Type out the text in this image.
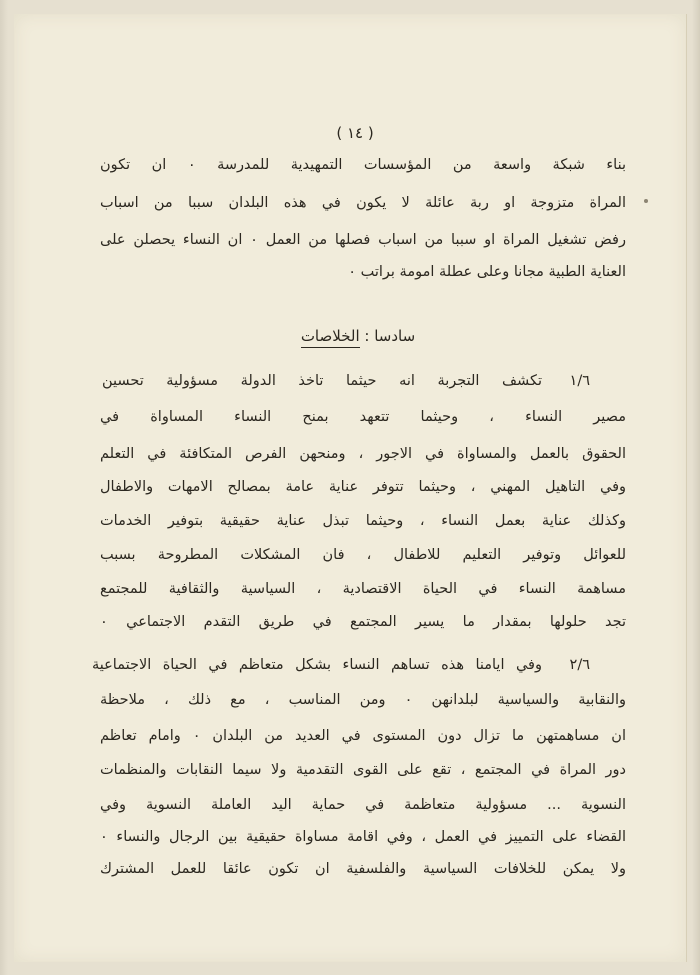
( ١٤ )
بناء شبكة واسعة من المؤسسات التمهيدية للمدرسة ۰ ان تكون
المراة متزوجة او ربة عائلة لا يكون في هذه البلدان سببا من اسباب
رفض تشغيل المراة او سببا من اسباب فصلها من العمل ۰ ان النساء يحصلن على
العناية الطبية مجانا وعلى عطلة امومة براتب ۰
سادسا : الخلاصات
١/٦
تكشف التجربة انه حيثما تاخذ الدولة مسؤولية تحسين
مصير النساء ، وحيثما تتعهد بمنح النساء المساواة في
الحقوق بالعمل والمساواة في الاجور ، ومنحهن الفرص المتكافئة في التعلم
وفي التاهيل المهني ، وحيثما تتوفر عناية عامة بمصالح الامهات والاطفال
وكذلك عناية بعمل النساء ، وحيثما تبذل عناية حقيقية بتوفير الخدمات
للعوائل وتوفير التعليم للاطفال ، فان المشكلات المطروحة بسبب
مساهمة النساء في الحياة الاقتصادية ، السياسية والثقافية للمجتمع
تجد حلولها بمقدار ما يسير المجتمع في طريق التقدم الاجتماعي ۰
٢/٦
وفي ايامنا هذه تساهم النساء بشكل متعاظم في الحياة الاجتماعية
والنقابية والسياسية لبلدانهن ۰ ومن المناسب ، مع ذلك ، ملاحظة
ان مساهمتهن ما تزال دون المستوى في العديد من البلدان ۰ وامام تعاظم
دور المراة في المجتمع ، تقع على القوى التقدمية ولا سيما النقابات والمنظمات
النسوية ... مسؤولية متعاظمة في حماية اليد العاملة النسوية وفي
القضاء على التمييز في العمل ، وفي اقامة مساواة حقيقية بين الرجال والنساء ۰
ولا يمكن للخلافات السياسية والفلسفية ان تكون عائقا للعمل المشترك
